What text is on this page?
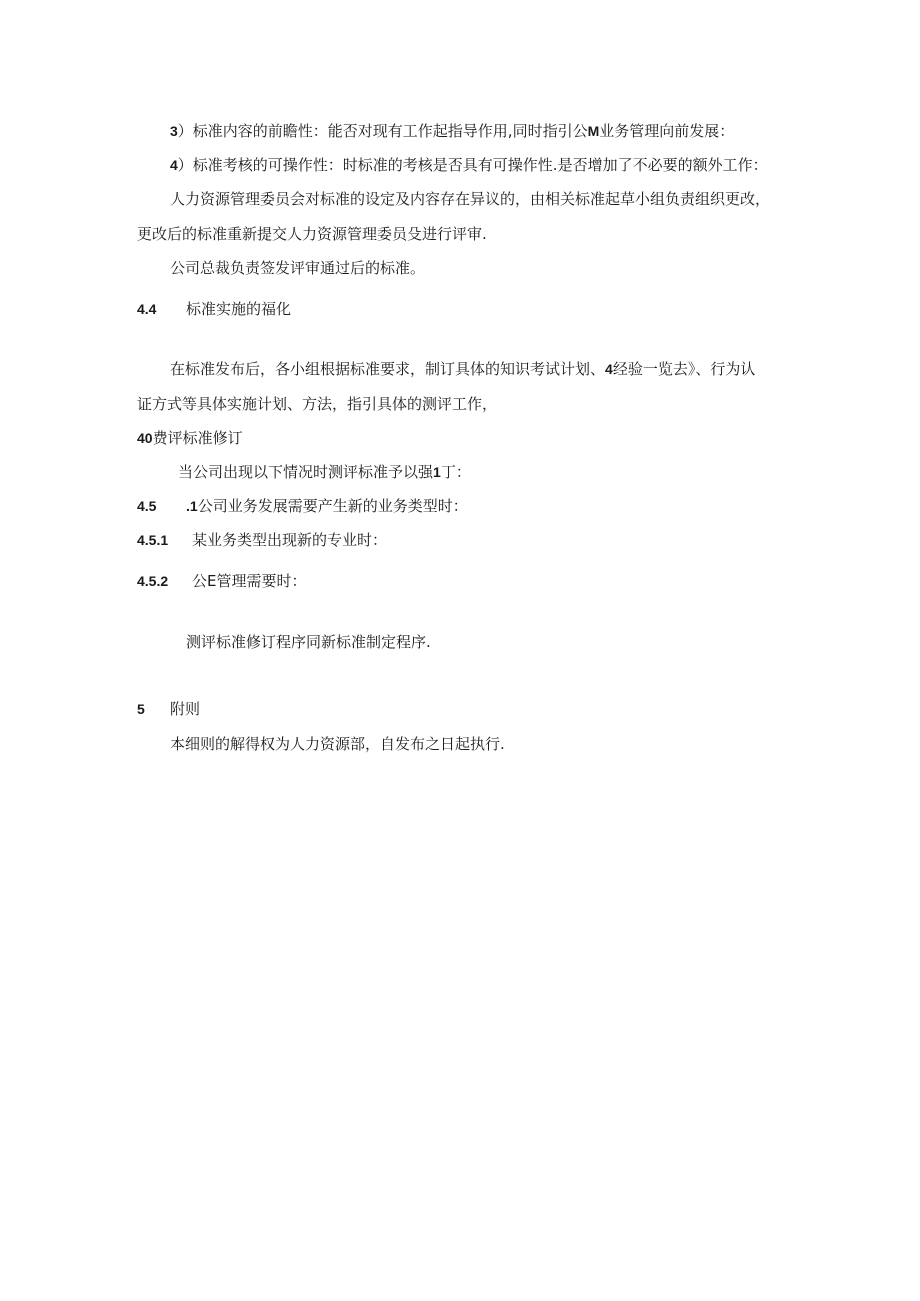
3）标准内容的前瞻性：能否对现有工作起指导作用,同时指引公M业务管理向前发展：
4）标准考核的可操作性：时标准的考核是否具有可操作性.是否增加了不必要的额外工作：
人力资源管理委员会对标准的设定及内容存在异议的，由相关标准起草小组负责组织更改，
更改后的标准重新提交人力资源管理委员殳进行评审.
公司总裁负责签发评审通过后的标准。
4.4 标准实施的福化
在标准发布后，各小组根据标准要求，制订具体的知识考试计划、4经验一览去》、行为认
证方式等具体实施计划、方法，指引具体的测评工作，
40费评标准修订
当公司出现以下情况时测评标准予以强1丁：
4.5 .1公司业务发展需要产生新的业务类型时：
4.5.1 某业务类型出现新的专业时：
4.5.2 公E管理需要时：
测评标准修订程序同新标准制定程序.
5 附则
本细则的解得权为人力资源部，自发布之日起执行.
